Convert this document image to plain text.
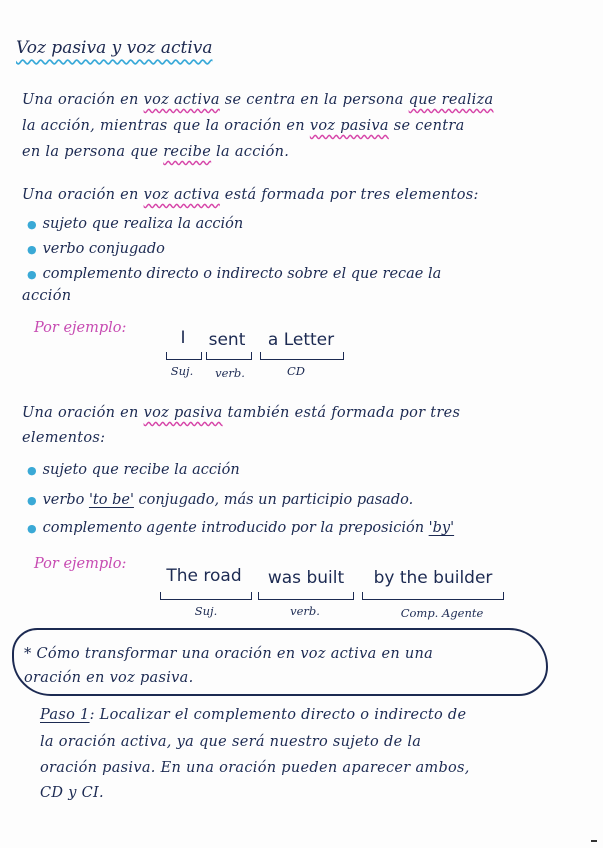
Voz pasiva y voz activa
Una oración en voz activa se centra en la persona que realiza
la acción, mientras que la oración en voz pasiva se centra
en la persona que recibe la acción.
Una oración en voz activa está formada por tres elementos:
● sujeto que realiza la acción
● verbo conjugado
● complemento directo o indirecto sobre el que recae la
acción
Por ejemplo:	I	sent	a Letter
Suj.	verb.	CD
Una oración en voz pasiva también está formada por tres
elementos:
● sujeto que recibe la acción
● verbo 'to be' conjugado, más un participio pasado.
● complemento agente introducido por la preposición 'by'
Por ejemplo:
The road	was built	by the builder
Suj.	verb.	Comp. Agente
* Cómo transformar una oración en voz activa en una
oración en voz pasiva.
Paso 1: Localizar el complemento directo o indirecto de
la oración activa, ya que será nuestro sujeto de la
oración pasiva. En una oración pueden aparecer ambos,
CD y CI.
